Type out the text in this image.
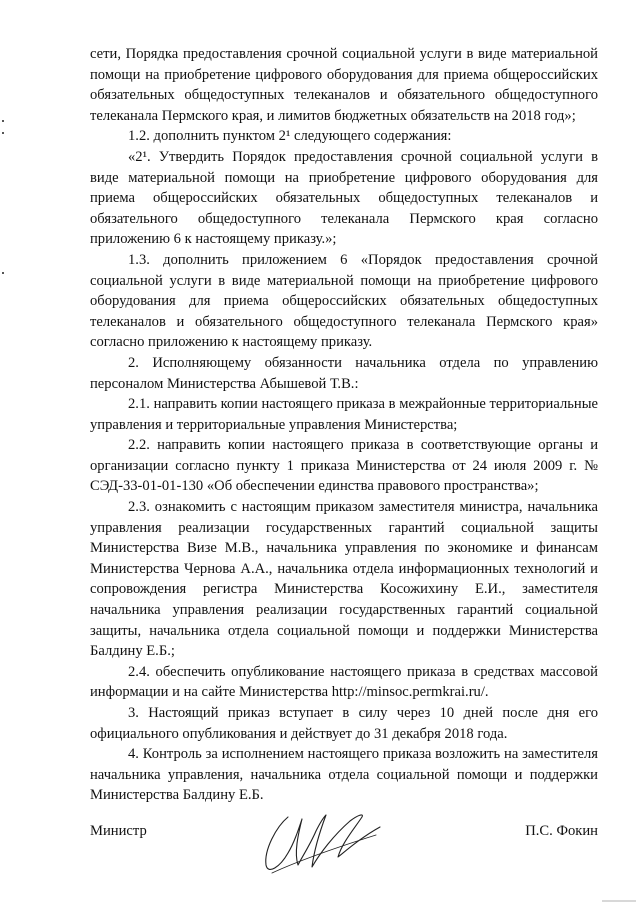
сети, Порядка предоставления срочной социальной услуги в виде материальной помощи на приобретение цифрового оборудования для приема общероссийских обязательных общедоступных телеканалов и обязательного общедоступного телеканала Пермского края, и лимитов бюджетных обязательств на 2018 год»;

1.2. дополнить пунктом 2¹ следующего содержания:

«2¹. Утвердить Порядок предоставления срочной социальной услуги в виде материальной помощи на приобретение цифрового оборудования для приема общероссийских обязательных общедоступных телеканалов и обязательного общедоступного телеканала Пермского края согласно приложению 6 к настоящему приказу.»;

1.3. дополнить приложением 6 «Порядок предоставления срочной социальной услуги в виде материальной помощи на приобретение цифрового оборудования для приема общероссийских обязательных общедоступных телеканалов и обязательного общедоступного телеканала Пермского края» согласно приложению к настоящему приказу.

2. Исполняющему обязанности начальника отдела по управлению персоналом Министерства Абышевой Т.В.:

2.1. направить копии настоящего приказа в межрайонные территориальные управления и территориальные управления Министерства;

2.2. направить копии настоящего приказа в соответствующие органы и организации согласно пункту 1 приказа Министерства от 24 июля 2009 г. № СЭД-33-01-01-130 «Об обеспечении единства правового пространства»;

2.3. ознакомить с настоящим приказом заместителя министра, начальника управления реализации государственных гарантий социальной защиты Министерства Визе М.В., начальника управления по экономике и финансам Министерства Чернова А.А., начальника отдела информационных технологий и сопровождения регистра Министерства Косожихину Е.И., заместителя начальника управления реализации государственных гарантий социальной защиты, начальника отдела социальной помощи и поддержки Министерства Балдину Е.Б.;

2.4. обеспечить опубликование настоящего приказа в средствах массовой информации и на сайте Министерства http://minsoc.permkrai.ru/.

3. Настоящий приказ вступает в силу через 10 дней после дня его официального опубликования и действует до 31 декабря 2018 года.

4. Контроль за исполнением настоящего приказа возложить на заместителя начальника управления, начальника отдела социальной помощи и поддержки Министерства Балдину Е.Б.

Министр	П.С. Фокин
